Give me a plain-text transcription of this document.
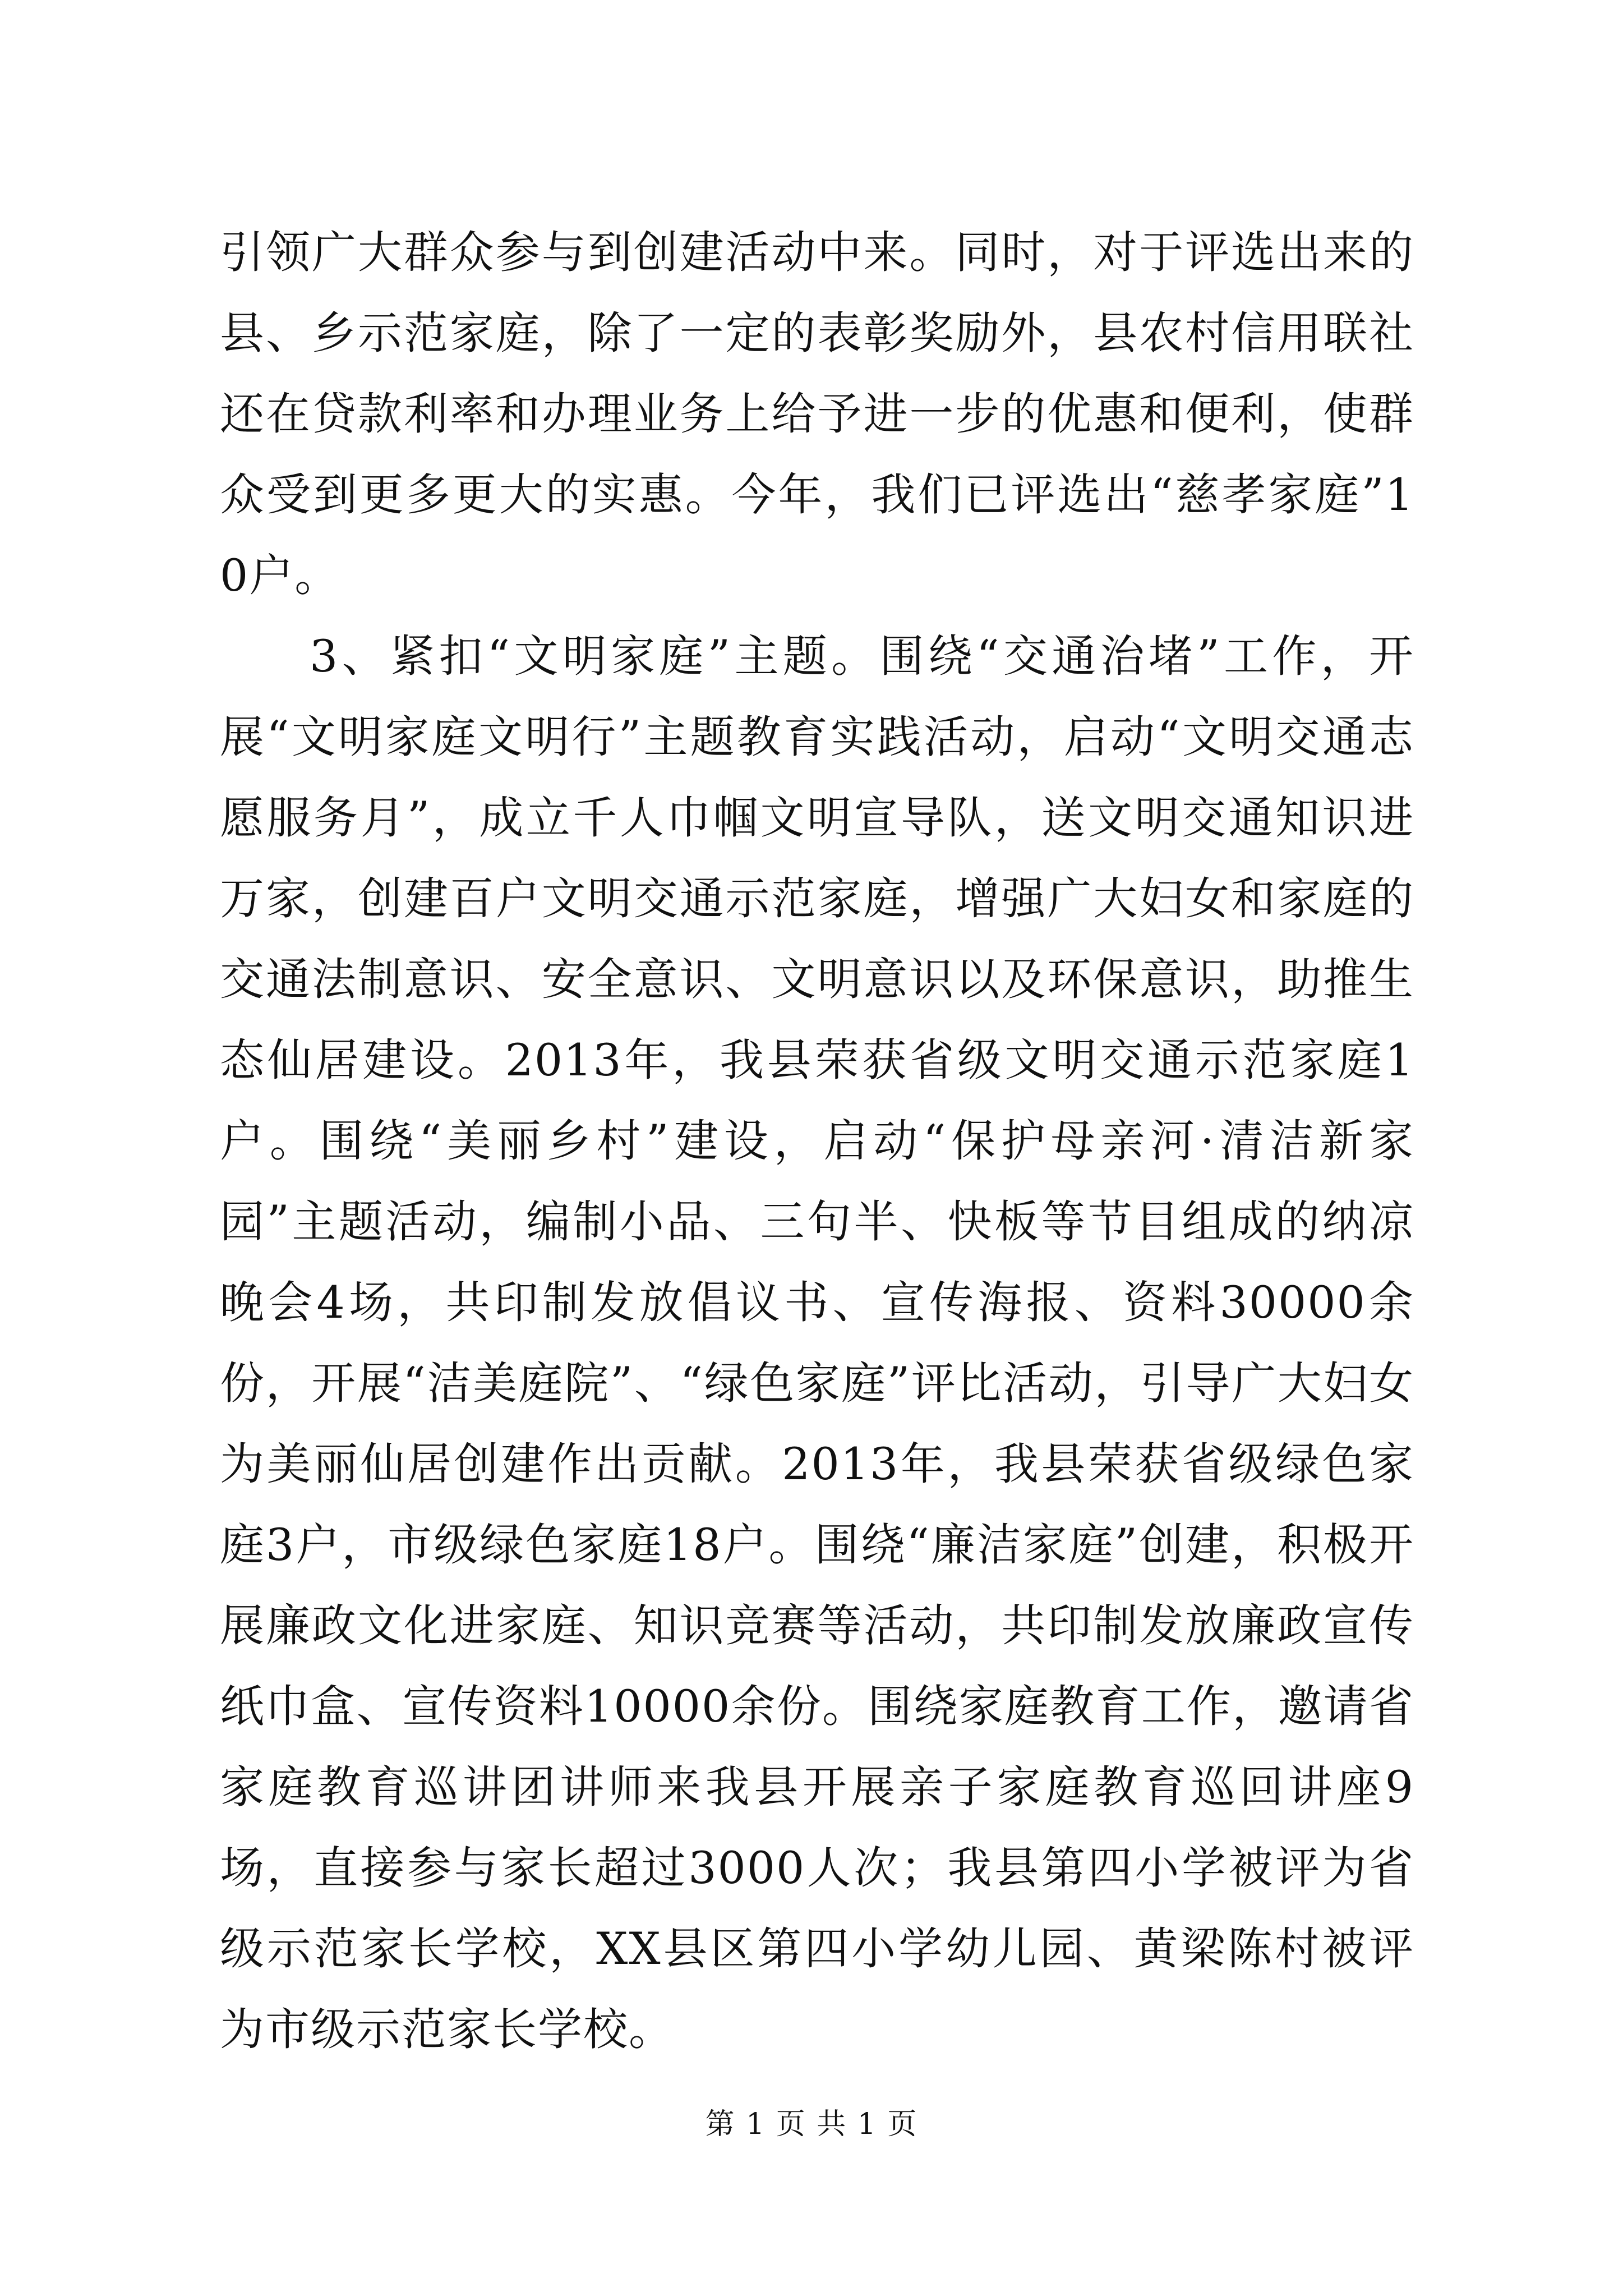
引领广大群众参与到创建活动中来。同时，对于评选出来的县、乡示范家庭，除了一定的表彰奖励外，县农村信用联社还在贷款利率和办理业务上给予进一步的优惠和便利，使群众受到更多更大的实惠。今年，我们已评选出“慈孝家庭”10户。

3、紧扣“文明家庭”主题。围绕“交通治堵”工作，开展“文明家庭文明行”主题教育实践活动，启动“文明交通志愿服务月”，成立千人巾帼文明宣导队，送文明交通知识进万家，创建百户文明交通示范家庭，增强广大妇女和家庭的交通法制意识、安全意识、文明意识以及环保意识，助推生态仙居建设。2013年，我县荣获省级文明交通示范家庭1户。围绕“美丽乡村”建设，启动“保护母亲河·清洁新家园”主题活动，编制小品、三句半、快板等节目组成的纳凉晚会4场，共印制发放倡议书、宣传海报、资料30000余份，开展“洁美庭院”、“绿色家庭”评比活动，引导广大妇女为美丽仙居创建作出贡献。2013年，我县荣获省级绿色家庭3户，市级绿色家庭18户。围绕“廉洁家庭”创建，积极开展廉政文化进家庭、知识竞赛等活动，共印制发放廉政宣传纸巾盒、宣传资料10000余份。围绕家庭教育工作，邀请省家庭教育巡讲团讲师来我县开展亲子家庭教育巡回讲座9场，直接参与家长超过3000人次；我县第四小学被评为省级示范家长学校，XX县区第四小学幼儿园、黄梁陈村被评为市级示范家长学校。

第 1 页 共 1 页
